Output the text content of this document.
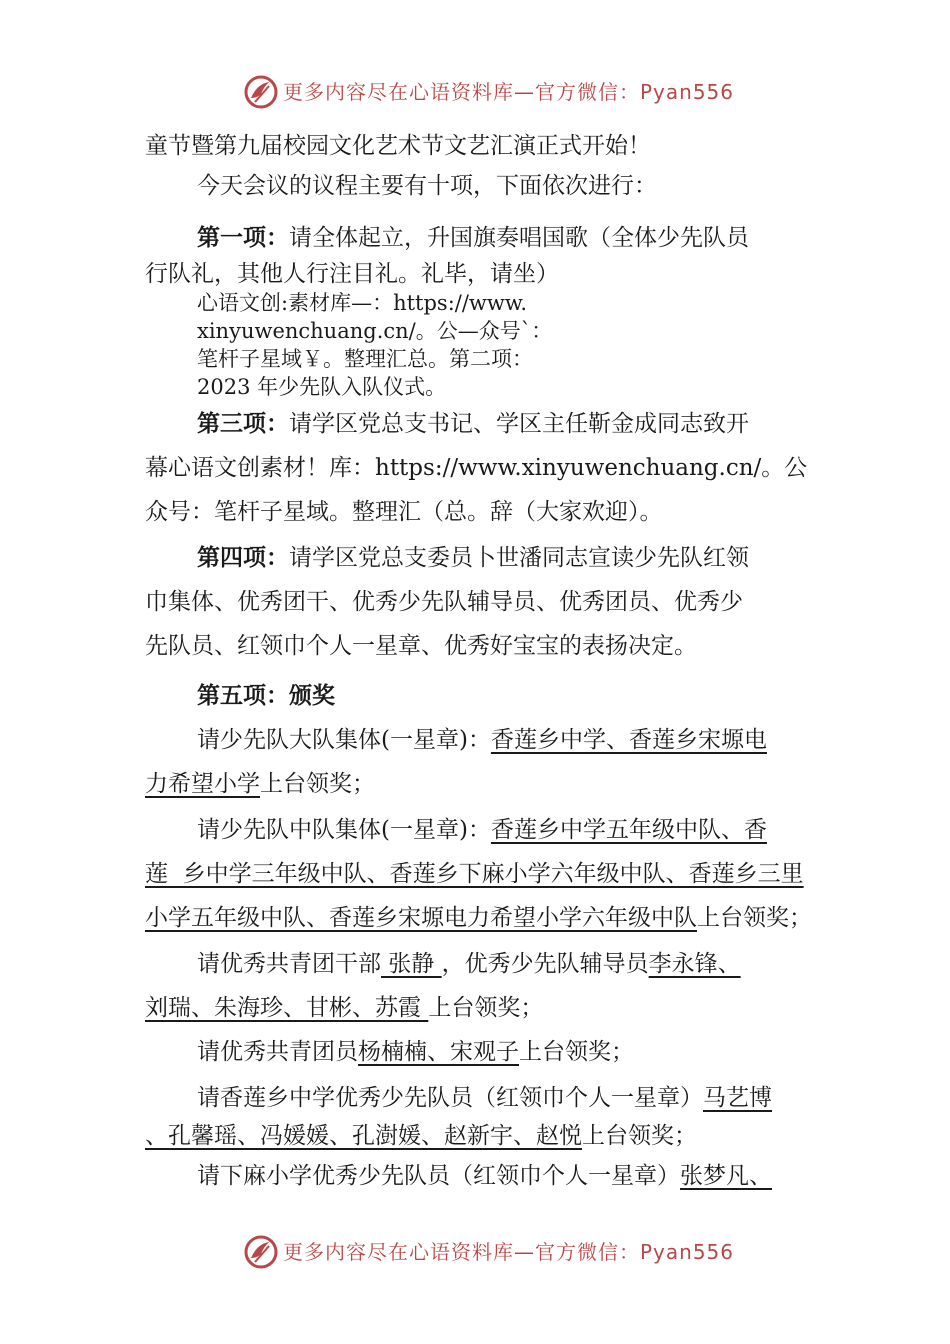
更多内容尽在心语资料库—官方微信：Pyan556
童节暨第九届校园文化艺术节文艺汇演正式开始！
今天会议的议程主要有十项，下面依次进行：
第一项：请全体起立，升国旗奏唱国歌（全体少先队员
行队礼，其他人行注目礼。礼毕，请坐）
心语文创:素材库—：https://www.
xinyuwenchuang.cn/。公—众号`：
笔杆子星域￥。整理汇总。第二项：
2023 年少先队入队仪式。
第三项：请学区党总支书记、学区主任靳金成同志致开
幕心语文创素材！库：https://www.xinyuwenchuang.cn/。公
众号：笔杆子星域。整理汇（总。辞（大家欢迎）。
第四项：请学区党总支委员卜世潘同志宣读少先队红领
巾集体、优秀团干、优秀少先队辅导员、优秀团员、优秀少
先队员、红领巾个人一星章、优秀好宝宝的表扬决定。
第五项：颁奖
请少先队大队集体(一星章)：香莲乡中学、香莲乡宋塬电
力希望小学上台领奖；
请少先队中队集体(一星章)：香莲乡中学五年级中队、香
莲  乡中学三年级中队、香莲乡下麻小学六年级中队、香莲乡三里
小学五年级中队、香莲乡宋塬电力希望小学六年级中队上台领奖；
请优秀共青团干部 张静 ，优秀少先队辅导员李永锋、
刘瑞、朱海珍、甘彬、苏霞 上台领奖；
请优秀共青团员杨楠楠、宋观子上台领奖；
请香莲乡中学优秀少先队员（红领巾个人一星章）马艺博
、孔馨瑶、冯媛媛、孔澍媛、赵新宇、赵悦上台领奖；
请下麻小学优秀少先队员（红领巾个人一星章）张梦凡、
更多内容尽在心语资料库—官方微信：Pyan556
